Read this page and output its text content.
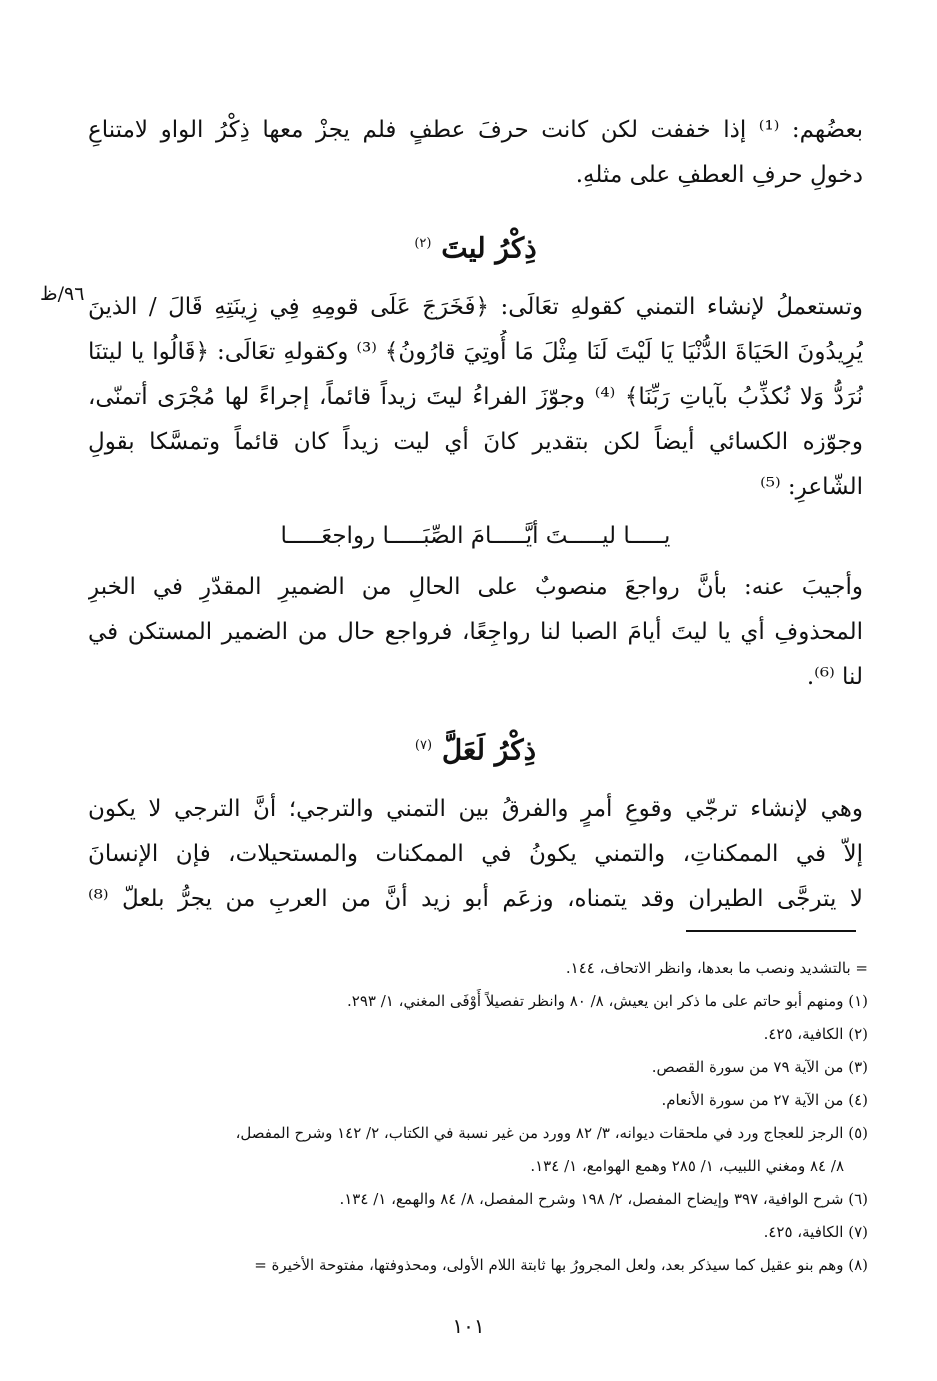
٩٦/ظ
بعضُهم: ⁽¹⁾ إذا خففت لكن كانت حرفَ عطفٍ فلم يجزْ معها ذِكْرُ الواو لامتناعِ
دخولِ حرفِ العطفِ على مثلهِ.
ذِكْرُ ليتَ $^{(٢)}$
وتستعملُ لإنشاء التمني كقولهِ تعَالَى: ﴿فَخَرَجَ عَلَى قومِهِ فِي زِينَتِهِ قَالَ / الذينَ
يُرِيدُونَ الحَيَاةَ الدُّنْيَا يَا لَيْتَ لَنَا مِثْلَ مَا أُوتِيَ قارُونُ﴾ ⁽³⁾ وكقولهِ تعَالَى: ﴿قَالُوا يا ليتنَا
نُرَدُّ وَلا نُكذِّبُ بآياتِ رَبِّنَا﴾ ⁽⁴⁾ وجوّزَ الفراءُ ليتَ زيداً قائماً، إجراءً لها مُجْرَى أتمنّى،
وجوّزه الكسائي أيضاً لكن بتقدير كانَ أي ليت زيداً كان قائماً وتمسَّكا بقولِ
الشّاعرِ: ⁽⁵⁾
يـــــا ليـــــتَ أيَّـــــامَ الصِّبَـــــا رواجعَـــــا
وأجيبَ عنه: بأنَّ رواجعَ منصوبٌ على الحالِ من الضميرِ المقدّرِ في الخبرِ
المحذوفِ أي يا ليتَ أيامَ الصبا لنا رواجِعًا، فرواجع حال من الضمير المستكن في
لنا ⁽⁶⁾.
ذِكْرُ لَعَلَّ $^{(٧)}$
وهي لإنشاء ترجّي وقوعِ أمرٍ والفرقُ بين التمني والترجي؛ أنَّ الترجي لا يكون
إلاّ في الممكناتِ، والتمني يكونُ في الممكنات والمستحيلات، فإن الإنسانَ
لا يترجَّى الطيران وقد يتمناه، وزعَم أبو زيد أنَّ من العربِ من يجرُّ بلعلّ ⁽⁸⁾
= بالتشديد ونصب ما بعدها، وانظر الاتحاف، ١٤٤.
(١) ومنهم أبو حاتم على ما ذكر ابن يعيش، ٨/ ٨٠ وانظر تفصيلاً أَوْفَى المغني، ١/ ٢٩٣.
(٢) الكافية، ٤٢٥.
(٣) من الآية ٧٩ من سورة القصص.
(٤) من الآية ٢٧ من سورة الأنعام.
(٥) الرجز للعجاج ورد في ملحقات ديوانه، ٣/ ٨٢ وورد من غير نسبة في الكتاب، ٢/ ١٤٢ وشرح المفصل،
٨/ ٨٤ ومغني اللبيب، ١/ ٢٨٥ وهمع الهوامع، ١/ ١٣٤.
(٦) شرح الوافية، ٣٩٧ وإيضاح المفصل، ٢/ ١٩٨ وشرح المفصل، ٨/ ٨٤ والهمع، ١/ ١٣٤.
(٧) الكافية، ٤٢٥.
(٨) وهم بنو عقيل كما سيذكر بعد، ولعل المجرورُ بها ثابتة اللام الأولى، ومحذوفتها، مفتوحة الأخيرة =
١٠١
